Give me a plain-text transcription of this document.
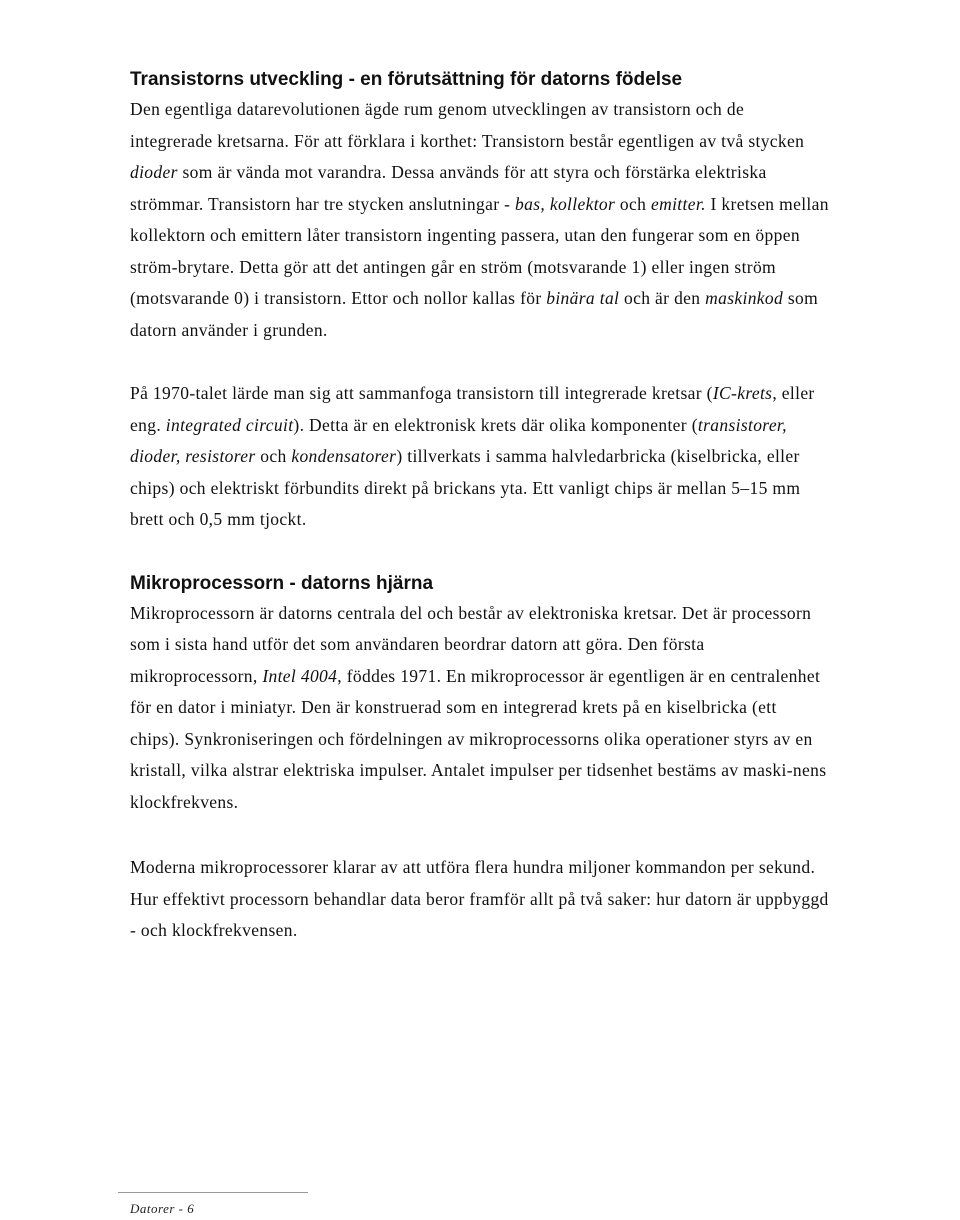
Transistorns utveckling - en förutsättning för datorns födelse

Den egentliga datarevolutionen ägde rum genom utvecklingen av transistorn och de integrerade kretsarna. För att förklara i korthet: Transistorn består egentligen av två stycken dioder som är vända mot varandra. Dessa används för att styra och förstärka elektriska strömmar. Transistorn har tre stycken anslutningar - bas, kollektor och emitter. I kretsen mellan kollektorn och emittern låter transistorn ingenting passera, utan den fungerar som en öppen ström-brytare. Detta gör att det antingen går en ström (motsvarande 1) eller ingen ström (motsvarande 0) i transistorn. Ettor och nollor kallas för binära tal och är den maskinkod som datorn använder i grunden.

På 1970-talet lärde man sig att sammanfoga transistorn till integrerade kretsar (IC-krets, eller eng. integrated circuit). Detta är en elektronisk krets där olika komponenter (transistorer, dioder, resistorer och kondensatorer) tillverkats i samma halvledarbricka (kiselbricka, eller chips) och elektriskt förbundits direkt på brickans yta. Ett vanligt chips är mellan 5–15 mm brett och 0,5 mm tjockt.

Mikroprocessorn - datorns hjärna

Mikroprocessorn är datorns centrala del och består av elektroniska kretsar. Det är processorn som i sista hand utför det som användaren beordrar datorn att göra. Den första mikroprocessorn, Intel 4004, föddes 1971. En mikroprocessor är egentligen är en centralenhet för en dator i miniatyr. Den är konstruerad som en integrerad krets på en kiselbricka (ett chips). Synkroniseringen och fördelningen av mikroprocessorns olika operationer styrs av en kristall, vilka alstrar elektriska impulser. Antalet impulser per tidsenhet bestäms av maski-nens klockfrekvens.

Moderna mikroprocessorer klarar av att utföra flera hundra miljoner kommandon per sekund. Hur effektivt processorn behandlar data beror framför allt på två saker: hur datorn är uppbyggd - och klockfrekvensen.

Datorer - 6
